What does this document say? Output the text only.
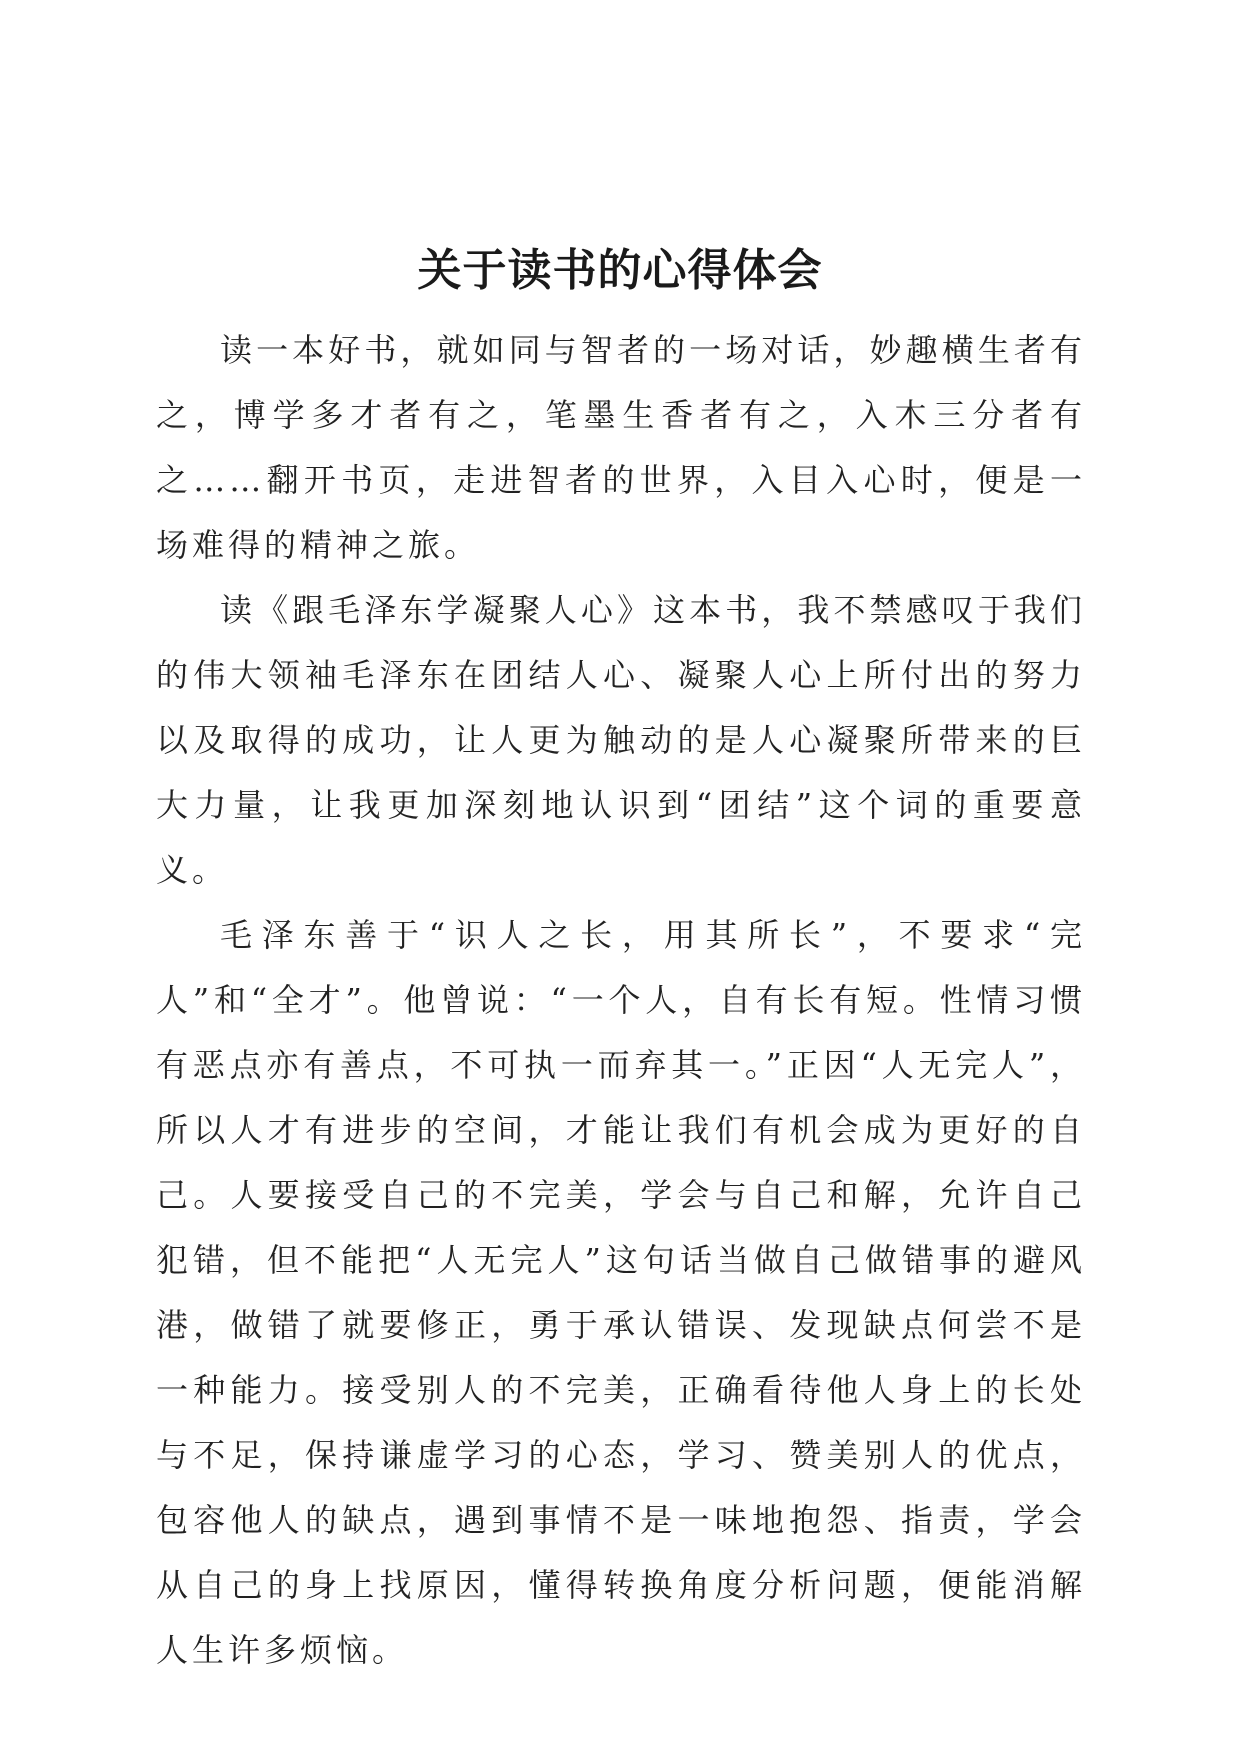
关于读书的心得体会

读一本好书，就如同与智者的一场对话，妙趣横生者有之，博学多才者有之，笔墨生香者有之，入木三分者有之……翻开书页，走进智者的世界，入目入心时，便是一场难得的精神之旅。

读《跟毛泽东学凝聚人心》这本书，我不禁感叹于我们的伟大领袖毛泽东在团结人心、凝聚人心上所付出的努力以及取得的成功，让人更为触动的是人心凝聚所带来的巨大力量，让我更加深刻地认识到“团结”这个词的重要意义。

毛泽东善于“识人之长，用其所长”，不要求“完人”和“全才”。他曾说：“一个人，自有长有短。性情习惯有恶点亦有善点，不可执一而弃其一。”正因“人无完人”，所以人才有进步的空间，才能让我们有机会成为更好的自己。人要接受自己的不完美，学会与自己和解，允许自己犯错，但不能把“人无完人”这句话当做自己做错事的避风港，做错了就要修正，勇于承认错误、发现缺点何尝不是一种能力。接受别人的不完美，正确看待他人身上的长处与不足，保持谦虚学习的心态，学习、赞美别人的优点，包容他人的缺点，遇到事情不是一味地抱怨、指责，学会从自己的身上找原因，懂得转换角度分析问题，便能消解人生许多烦恼。
